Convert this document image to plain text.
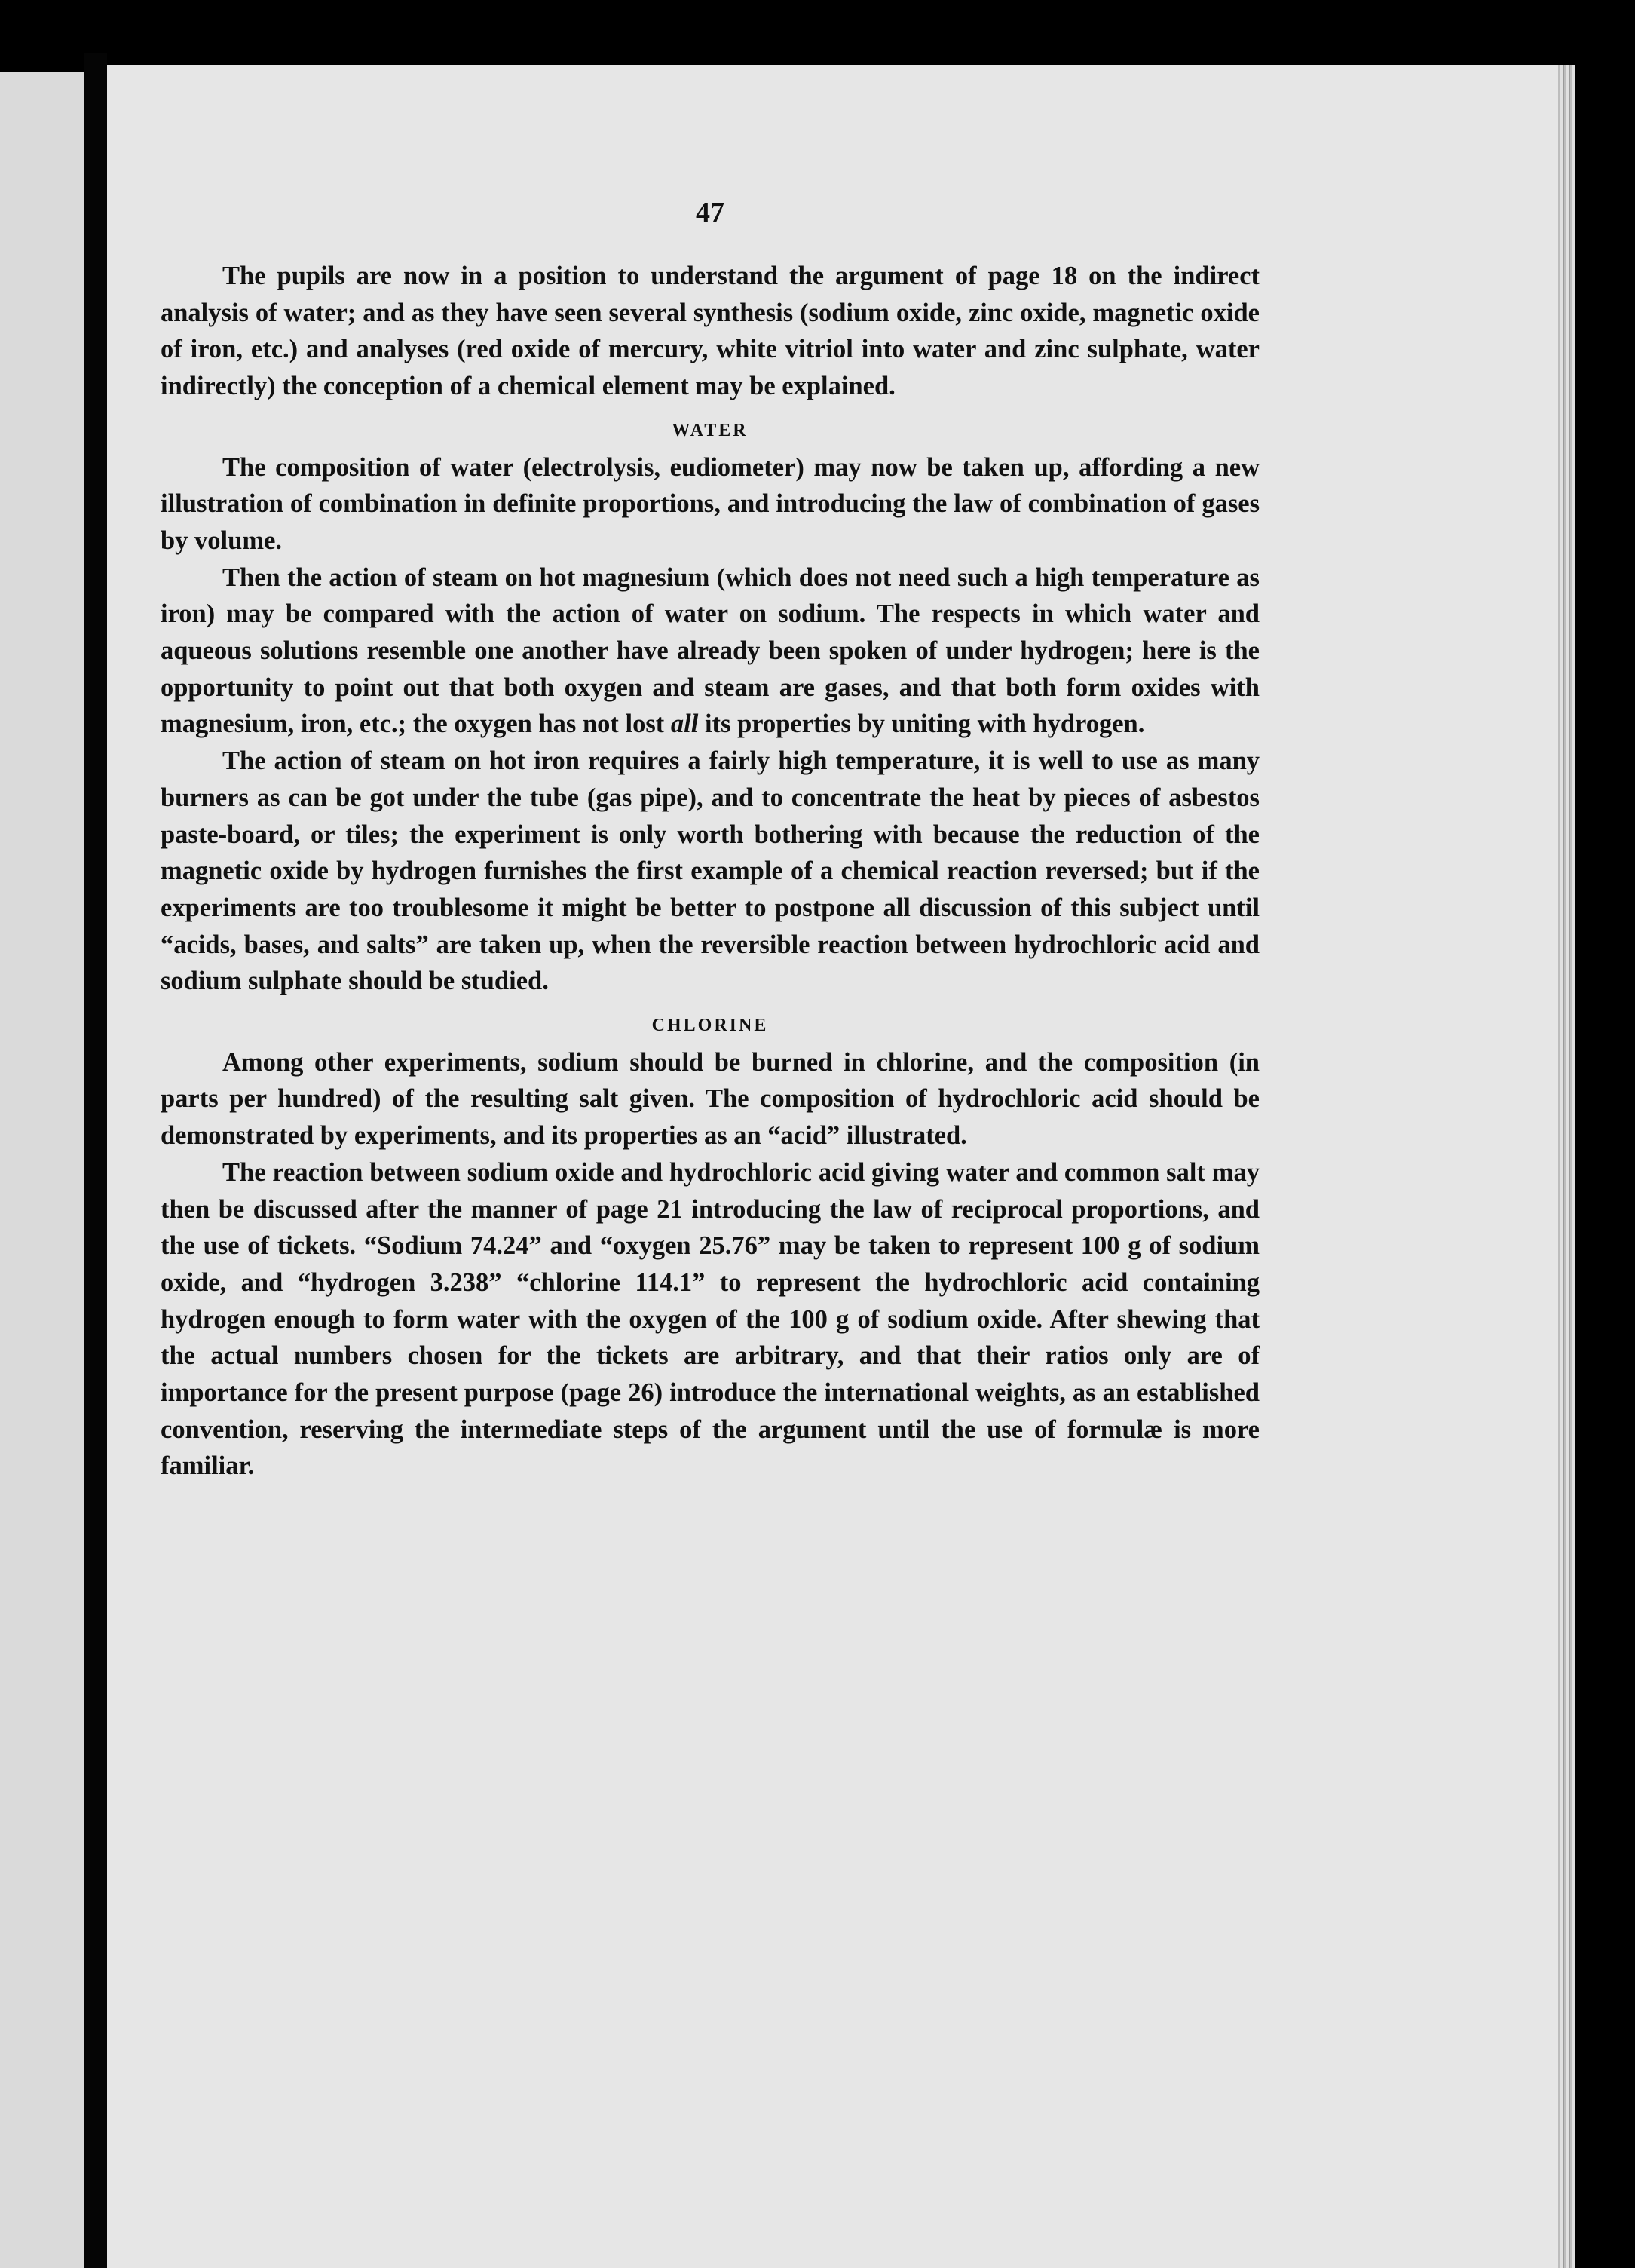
47

The pupils are now in a position to understand the argument of page 18 on the indirect analysis of water; and as they have seen several synthesis (sodium oxide, zinc oxide, magnetic oxide of iron, etc.) and analyses (red oxide of mercury, white vitriol into water and zinc sulphate, water indirectly) the conception of a chemical element may be explained.

WATER

The composition of water (electrolysis, eudiometer) may now be taken up, affording a new illustration of combination in definite proportions, and introducing the law of combination of gases by volume.

Then the action of steam on hot magnesium (which does not need such a high temperature as iron) may be compared with the action of water on sodium. The respects in which water and aqueous solutions resemble one another have already been spoken of under hydrogen; here is the opportunity to point out that both oxygen and steam are gases, and that both form oxides with magnesium, iron, etc.; the oxygen has not lost all its properties by uniting with hydrogen.

The action of steam on hot iron requires a fairly high temperature, it is well to use as many burners as can be got under the tube (gas pipe), and to concentrate the heat by pieces of asbestos paste-board, or tiles; the experiment is only worth bothering with because the reduction of the magnetic oxide by hydrogen furnishes the first example of a chemical reaction reversed; but if the experiments are too troublesome it might be better to postpone all discussion of this subject until “acids, bases, and salts” are taken up, when the reversible reaction between hydrochloric acid and sodium sulphate should be studied.

CHLORINE

Among other experiments, sodium should be burned in chlorine, and the composition (in parts per hundred) of the resulting salt given. The composition of hydrochloric acid should be demonstrated by experiments, and its properties as an “acid” illustrated.

The reaction between sodium oxide and hydrochloric acid giving water and common salt may then be discussed after the manner of page 21 introducing the law of reciprocal proportions, and the use of tickets. “Sodium 74.24” and “oxygen 25.76” may be taken to represent 100 g of sodium oxide, and “hydrogen 3.238” “chlorine 114.1” to represent the hydrochloric acid containing hydrogen enough to form water with the oxygen of the 100 g of sodium oxide. After shewing that the actual numbers chosen for the tickets are arbitrary, and that their ratios only are of importance for the present purpose (page 26) introduce the international weights, as an established convention, reserving the intermediate steps of the argument until the use of formulæ is more familiar.
